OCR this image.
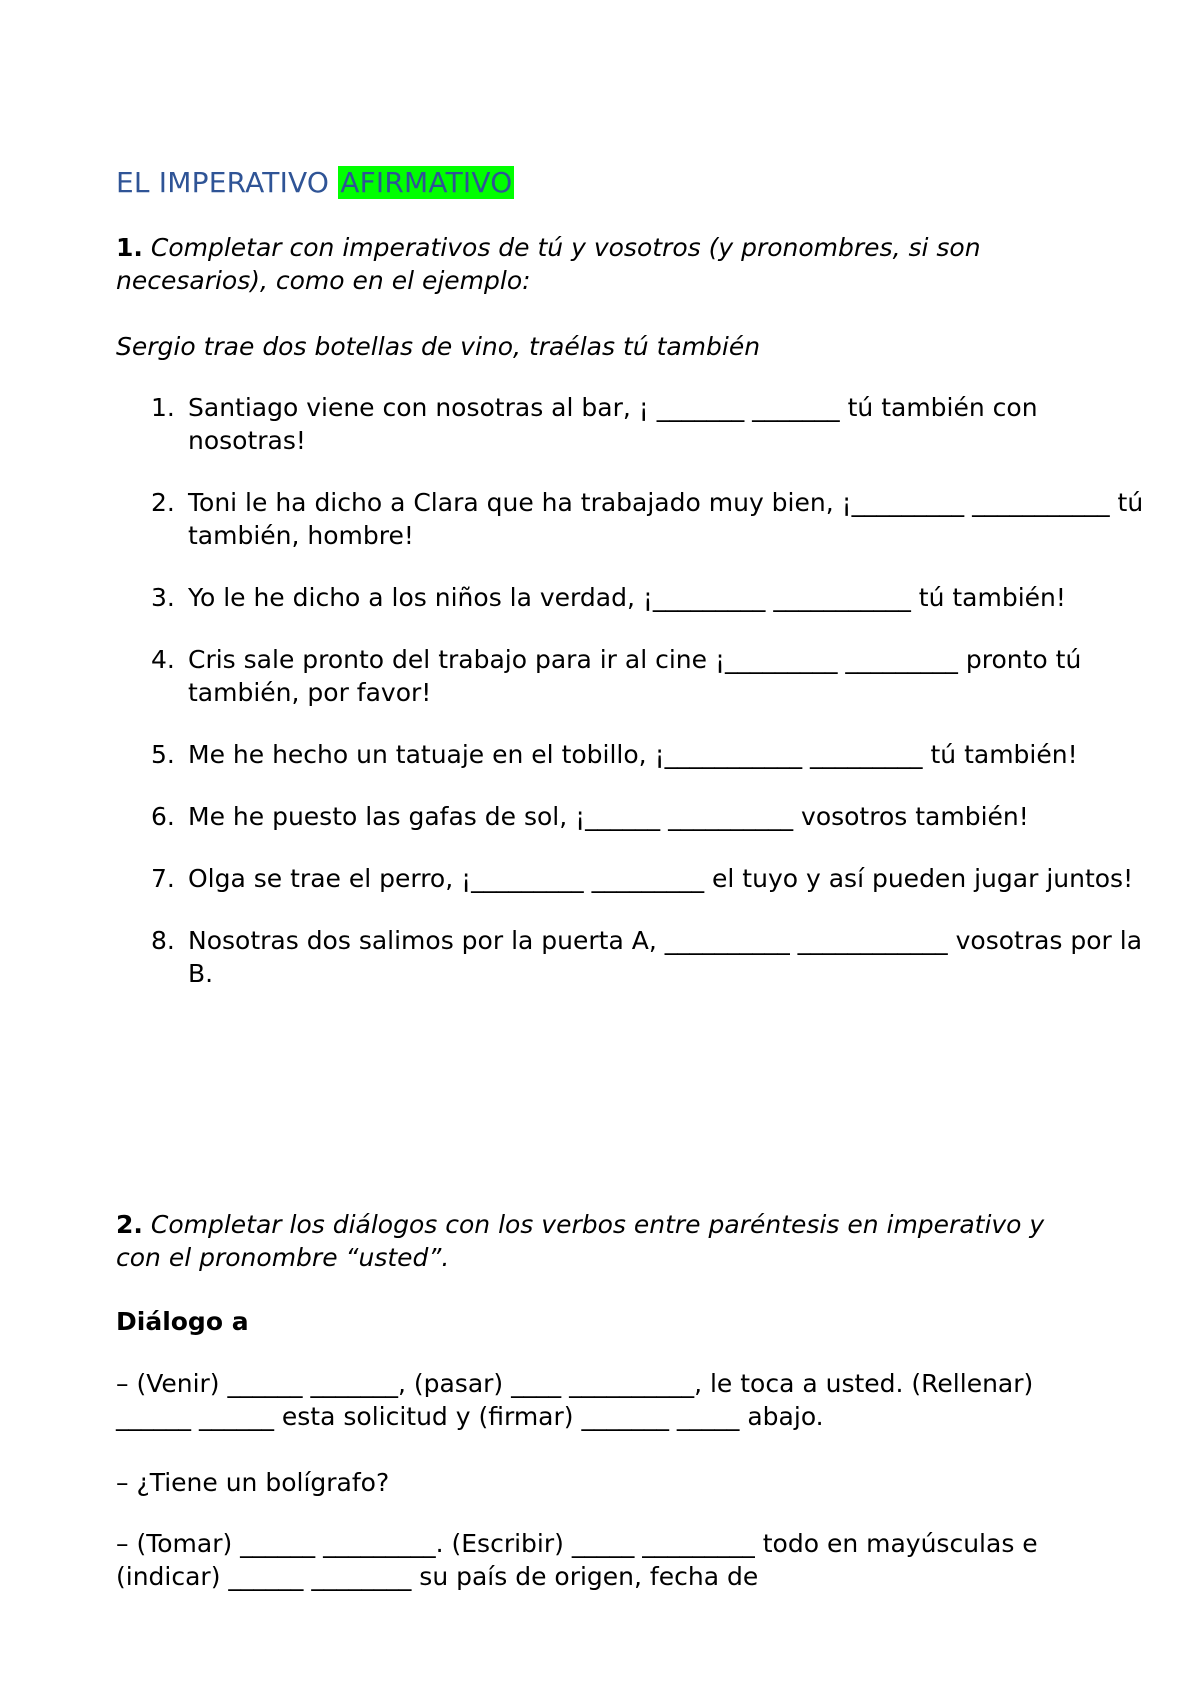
EL IMPERATIVO AFIRMATIVO

1. Completar con imperativos de tú y vosotros (y pronombres, si son necesarios), como en el ejemplo:

Sergio trae dos botellas de vino, traélas tú también

1. Santiago viene con nosotras al bar, ¡ _______ _______ tú también con nosotras!
2. Toni le ha dicho a Clara que ha trabajado muy bien, ¡_________ ___________ tú también, hombre!
3. Yo le he dicho a los niños la verdad, ¡_________ ___________ tú también!
4. Cris sale pronto del trabajo para ir al cine ¡_________ _________ pronto tú también, por favor!
5. Me he hecho un tatuaje en el tobillo, ¡___________ _________ tú también!
6. Me he puesto las gafas de sol, ¡______ __________ vosotros también!
7. Olga se trae el perro, ¡_________ _________ el tuyo y así pueden jugar juntos!
8. Nosotras dos salimos por la puerta A, __________ ____________ vosotras por la B.

2. Completar los diálogos con los verbos entre paréntesis en imperativo y con el pronombre “usted”.

Diálogo a

– (Venir) ______ _______, (pasar) ____ __________, le toca a usted. (Rellenar) ______ ______ esta solicitud y (firmar) _______ _____ abajo.

– ¿Tiene un bolígrafo?

– (Tomar) ______ _________. (Escribir) _____ _________ todo en mayúsculas e (indicar) ______ ________ su país de origen, fecha de
